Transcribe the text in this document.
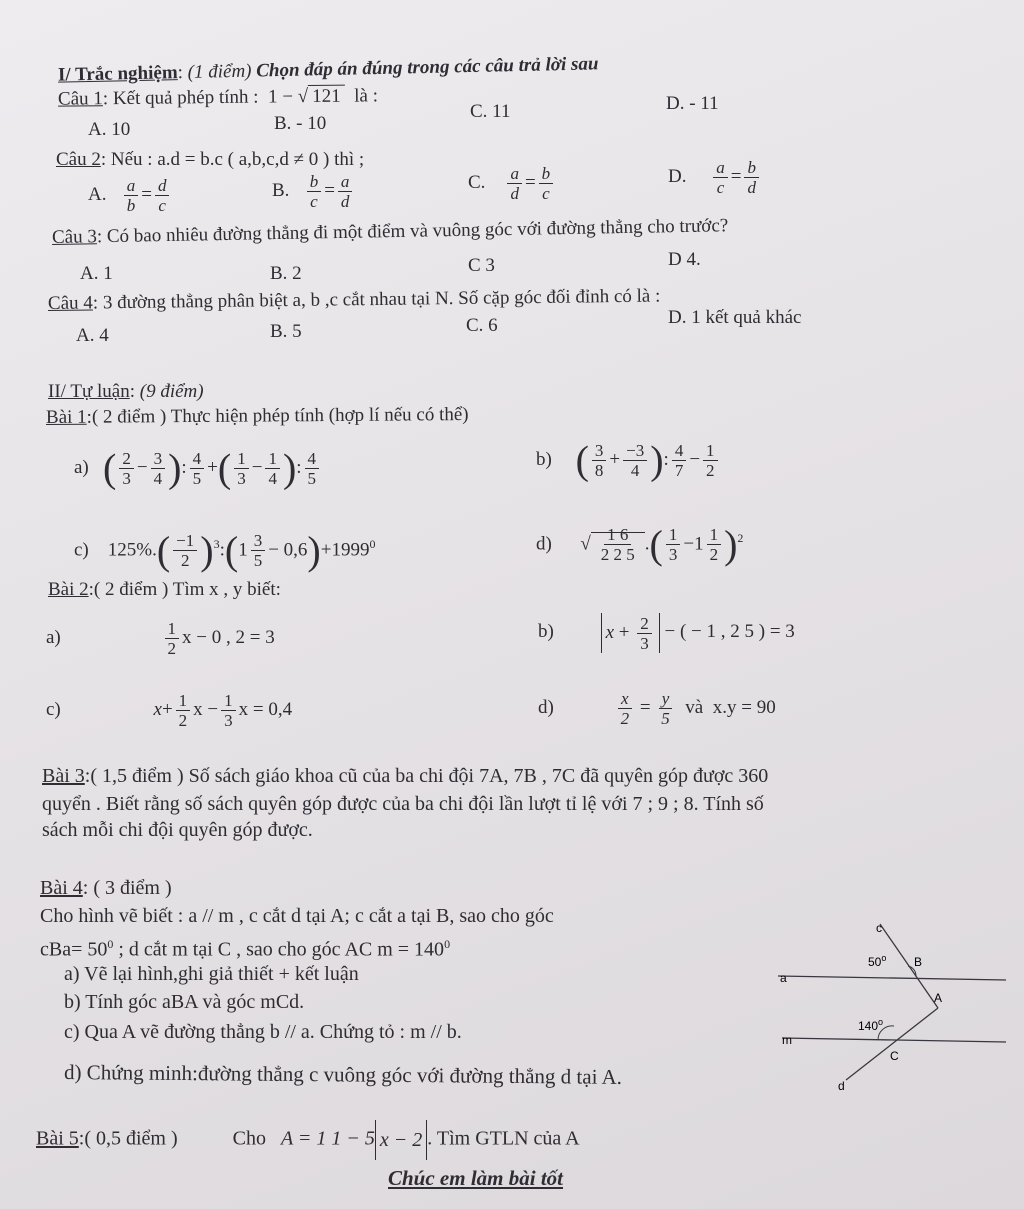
I/ Trắc nghiệm: (1 điểm) Chọn đáp án đúng trong các câu trả lời sau
Câu 1: Kết quả phép tính : 1 − √ 121 là :
A. 10	B. - 10
C. 11	D. - 11
Câu 2: Nếu : a.d = b.c ( a,b,c,d ≠ 0 ) thì ;
A. $\frac{a}{b} = \frac{d}{c}$	B. $\frac{b}{c} = \frac{a}{d}$	C. $\frac{a}{d} = \frac{b}{c}$	D. $\frac{a}{c} = \frac{b}{d}$
Câu 3: Có bao nhiêu đường thẳng đi một điểm và vuông góc với đường thẳng cho trước?
A. 1	B. 2	C 3	D 4.
Câu 4: 3 đường thẳng phân biệt a, b ,c cắt nhau tại N. Số cặp góc đối đỉnh có là :
A. 4	B. 5	C. 6	D. 1 kết quả khác
II/ Tự luận: (9 điểm)
Bài 1:( 2 điểm ) Thực hiện phép tính (hợp lí nếu có thể)
a) ( $\frac{2}{3} - \frac{3}{4}$ ): $\frac{4}{5}$ +( $\frac{1}{3} - \frac{1}{4}$ ): $\frac{4}{5}$	b) ( $\frac{3}{8} + \frac{-3}{4}$ ): $\frac{4}{7} - \frac{1}{2}$
c) $125\%.( \frac{-1}{2}$ )$^3:(1 \frac{3}{5} - 0,6)+1999^0$	d)      √ $\frac{1 6}{2 2 5}$ .( $\frac{1}{3} -1 \frac{1}{2} )^2$
Bài 2:( 2 điểm ) Tìm x , y biết:
a)	$\frac{1}{2}$ x − 0 , 2 = 3	b)	$x + \frac{2}{3}$ − ( − 1 , 2 5 ) = 3
c)	$x+ \frac{1}{2}$ $x - \frac{1}{3}$ x = 0,4	d)	$\frac{x}{2} = \frac{y}{5}$ và x.y = 90
Bài 3:( 1,5 điểm ) Số sách giáo khoa cũ của ba chi đội 7A, 7B , 7C đã quyên góp được 360
quyển . Biết rằng số sách quyên góp được của ba chi đội lần lượt tỉ lệ với 7 ; 9 ; 8. Tính số
sách mỗi chi đội quyên góp được.
Bài 4: ( 3 điểm )
Cho hình vẽ biết : a // m , c cắt d tại A; c cắt a tại B, sao cho góc
$cBa= 50^0$ ; d cắt m tại C , sao cho góc AC $m = 140^0$
a) Vẽ lại hình,ghi giả thiết + kết luận
b) Tính góc aBA và góc mCd.
c) Qua A vẽ đường thẳng b // a. Chứng tỏ : m // b.
d) Chứng minh:đường thẳng c vuông góc với đường thẳng d tại A.
c
B
a
A
m
C
d
50$^o$
140$^o$
Bài 5:( 0,5 điểm )	Cho A = 1 1 − 5 x − 2 . Tìm GTLN của A
Chúc em làm bài tốt
